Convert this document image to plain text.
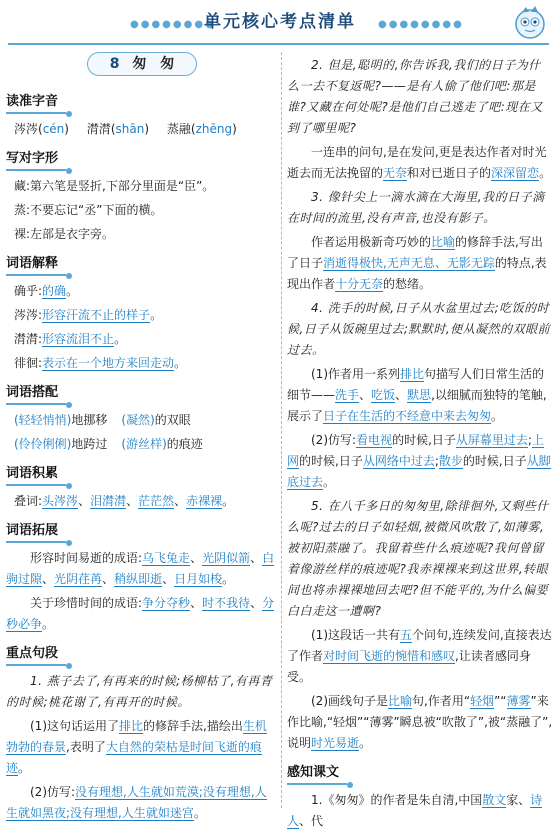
●●●●●●●●
单元核心考点清单	●●●●●●●●
8 匆　匆
读准字音

涔涔(cén) 潸潸(shān) 蒸融(zhēng)

写对字形

藏:第六笔是竖折,下部分里面是“臣”。

蒸:不要忘记“丞”下面的横。

裸:左部是衣字旁。

词语解释

确乎:的确。

涔涔:形容汗流不止的样子。

潸潸:形容流泪不止。

徘徊:表示在一个地方来回走动。

词语搭配

(轻轻悄悄)地挪移 (凝然)的双眼

(伶伶俐俐)地跨过 (游丝样)的痕迹

词语积累

叠词:头涔涔、泪潸潸、茫茫然、赤裸裸。

词语拓展

形容时间易逝的成语:乌飞兔走、光阴似箭、白驹过隙、光阴荏苒、稍纵即逝、日月如梭。

关于珍惜时间的成语:争分夺秒、时不我待、分秒必争。

重点句段

1. 燕子去了,有再来的时候;杨柳枯了,有再青的时候;桃花谢了,有再开的时候。

(1)这句话运用了排比的修辞手法,描绘出生机勃勃的春景,表明了大自然的荣枯是时间飞逝的痕迹。

(2)仿写:没有理想,人生就如荒漠;没有理想,人生就如黑夜;没有理想,人生就如迷宫。

2. 但是,聪明的,你告诉我,我们的日子为什么一去不复返呢?——是有人偷了他们吧:那是谁?又藏在何处呢?是他们自己逃走了吧:现在又到了哪里呢?

一连串的问句,是在发问,更是表达作者对时光逝去而无法挽留的无奈和对已逝日子的深深留恋。

3. 像针尖上一滴水滴在大海里,我的日子滴在时间的流里,没有声音,也没有影子。

作者运用极新奇巧妙的比喻的修辞手法,写出了日子消逝得极快,无声无息、无影无踪的特点,表现出作者十分无奈的愁绪。

4. 洗手的时候,日子从水盆里过去;吃饭的时候,日子从饭碗里过去;默默时,便从凝然的双眼前过去。

(1)作者用一系列排比句描写人们日常生活的细节——洗手、吃饭、默思,以细腻而独特的笔触,展示了日子在生活的不经意中来去匆匆。

(2)仿写:看电视的时候,日子从屏幕里过去;上网的时候,日子从网络中过去;散步的时候,日子从脚底过去。

5. 在八千多日的匆匆里,除徘徊外,又剩些什么呢?过去的日子如轻烟,被微风吹散了,如薄雾,被初阳蒸融了。我留着些什么痕迹呢?我何曾留着像游丝样的痕迹呢?我赤裸裸来到这世界,转眼间也将赤裸裸地回去吧?但不能平的,为什么偏要白白走这一遭啊?

(1)这段话一共有五个问句,连续发问,直接表达了作者对时间飞逝的惋惜和感叹,让读者感同身受。

(2)画线句子是比喻句,作者用“轻烟”“薄雾”来作比喻,“轻烟”“薄雾”瞬息被“吹散了”,被“蒸融了”,说明时光易逝。

感知课文

1.《匆匆》的作者是朱自清,中国散文家、诗人、代
